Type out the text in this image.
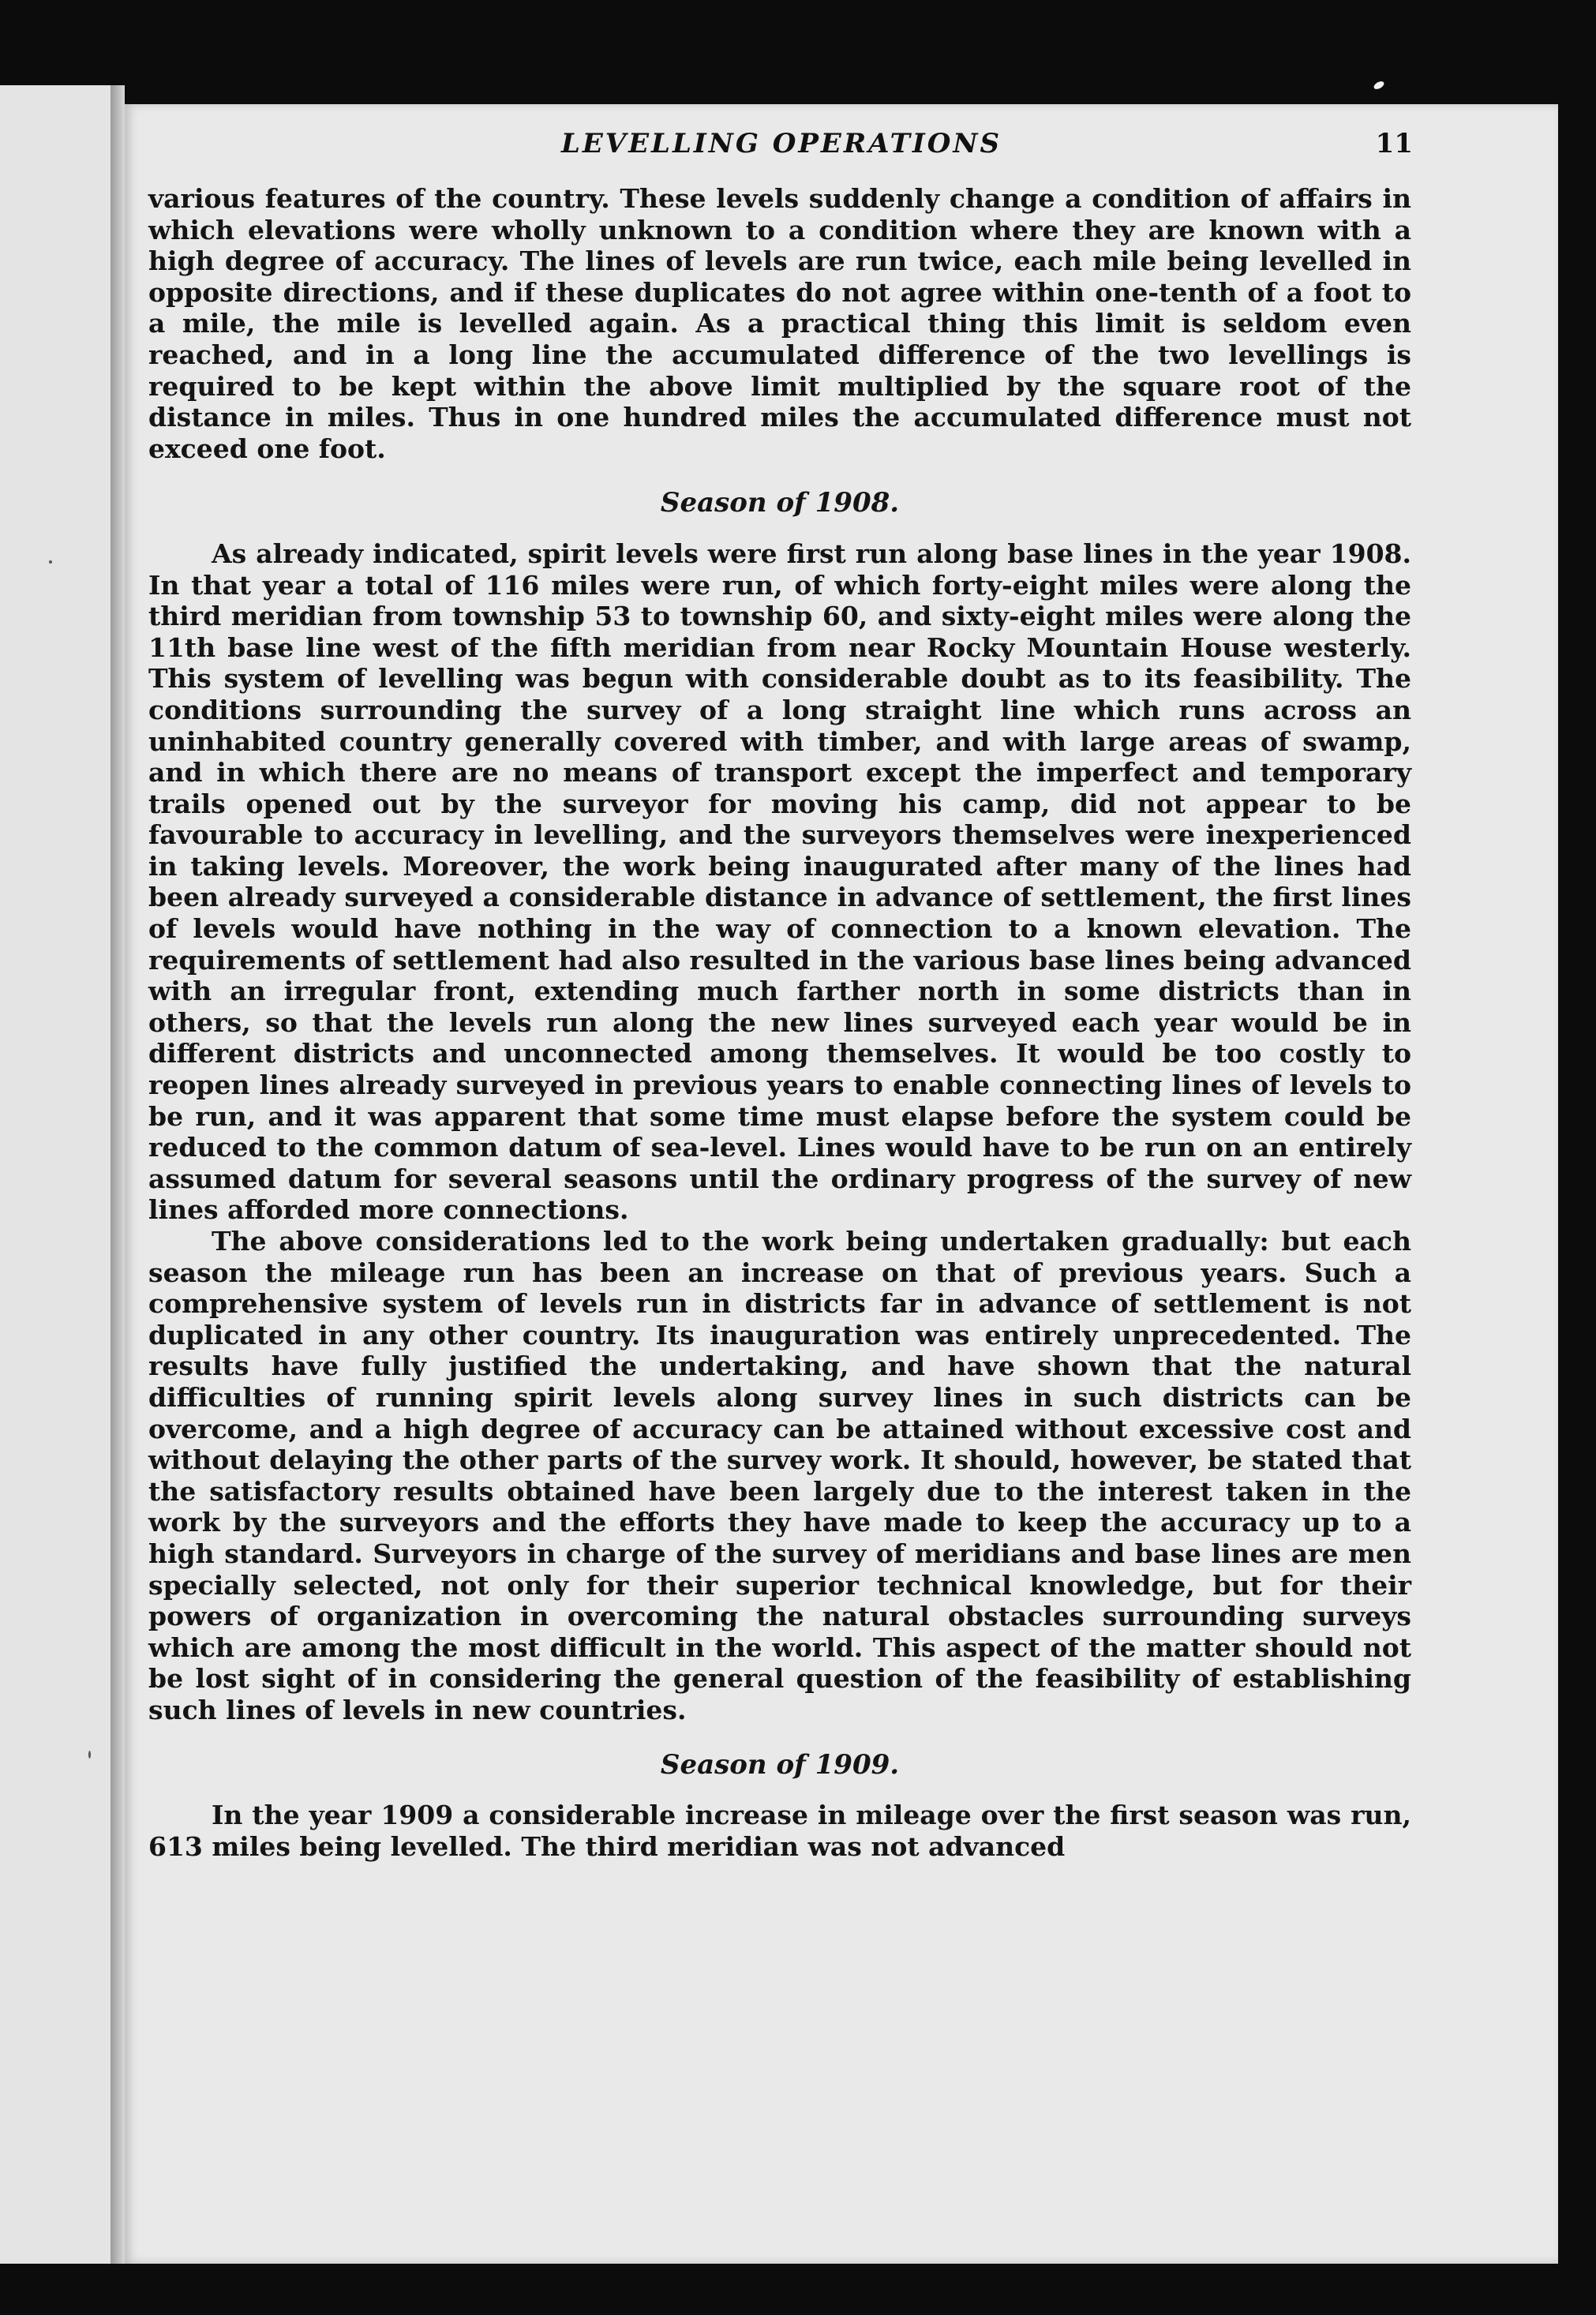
LEVELLING OPERATIONS	11

various features of the country. These levels suddenly change a condition of affairs in which elevations were wholly unknown to a condition where they are known with a high degree of accuracy. The lines of levels are run twice, each mile being levelled in opposite directions, and if these duplicates do not agree within one-tenth of a foot to a mile, the mile is levelled again. As a practical thing this limit is seldom even reached, and in a long line the accumulated difference of the two levellings is required to be kept within the above limit multiplied by the square root of the distance in miles. Thus in one hundred miles the accumulated difference must not exceed one foot.

Season of 1908.

As already indicated, spirit levels were first run along base lines in the year 1908. In that year a total of 116 miles were run, of which forty-eight miles were along the third meridian from township 53 to township 60, and sixty-eight miles were along the 11th base line west of the fifth meridian from near Rocky Mountain House westerly. This system of levelling was begun with considerable doubt as to its feasibility. The conditions surrounding the survey of a long straight line which runs across an uninhabited country generally covered with timber, and with large areas of swamp, and in which there are no means of transport except the imperfect and temporary trails opened out by the surveyor for moving his camp, did not appear to be favourable to accuracy in levelling, and the surveyors themselves were inexperienced in taking levels. Moreover, the work being inaugurated after many of the lines had been already surveyed a considerable distance in advance of settlement, the first lines of levels would have nothing in the way of connection to a known elevation. The requirements of settlement had also resulted in the various base lines being advanced with an irregular front, extending much farther north in some districts than in others, so that the levels run along the new lines surveyed each year would be in different districts and unconnected among themselves. It would be too costly to reopen lines already surveyed in previous years to enable connecting lines of levels to be run, and it was apparent that some time must elapse before the system could be reduced to the common datum of sea-level. Lines would have to be run on an entirely assumed datum for several seasons until the ordinary progress of the survey of new lines afforded more connections.

The above considerations led to the work being undertaken gradually: but each season the mileage run has been an increase on that of previous years. Such a comprehensive system of levels run in districts far in advance of settlement is not duplicated in any other country. Its inauguration was entirely unprecedented. The results have fully justified the undertaking, and have shown that the natural difficulties of running spirit levels along survey lines in such districts can be overcome, and a high degree of accuracy can be attained without excessive cost and without delaying the other parts of the survey work. It should, however, be stated that the satisfactory results obtained have been largely due to the interest taken in the work by the surveyors and the efforts they have made to keep the accuracy up to a high standard. Surveyors in charge of the survey of meridians and base lines are men specially selected, not only for their superior technical knowledge, but for their powers of organization in overcoming the natural obstacles surrounding surveys which are among the most difficult in the world. This aspect of the matter should not be lost sight of in considering the general question of the feasibility of establishing such lines of levels in new countries.

Season of 1909.

In the year 1909 a considerable increase in mileage over the first season was run, 613 miles being levelled. The third meridian was not advanced
